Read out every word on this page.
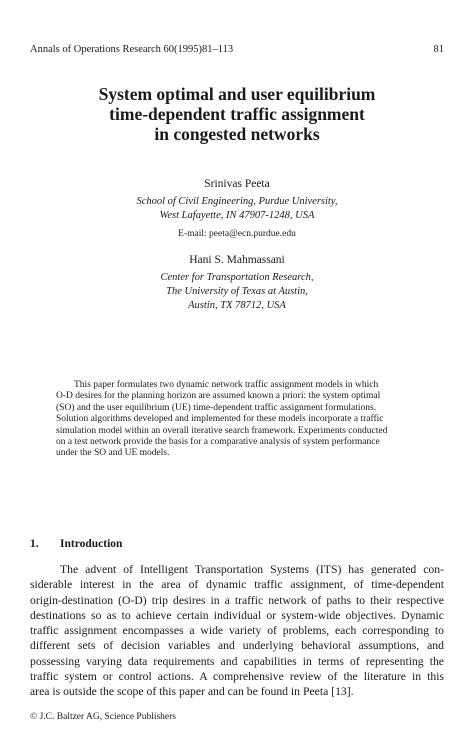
Annals of Operations Research 60(1995)81–113	81
System optimal and user equilibrium
time-dependent traffic assignment
in congested networks
Srinivas Peeta
School of Civil Engineering, Purdue University,
West Lafayette, IN 47907-1248, USA
E-mail: peeta@ecn.purdue.edu
Hani S. Mahmassani
Center for Transportation Research,
The University of Texas at Austin,
Austin, TX 78712, USA
This paper formulates two dynamic network traffic assignment models in which
O-D desires for the planning horizon are assumed known a priori: the system optimal
(SO) and the user equilibrium (UE) time-dependent traffic assignment formulations.
Solution algorithms developed and implemented for these models incorporate a traffic
simulation model within an overall iterative search framework. Experiments conducted
on a test network provide the basis for a comparative analysis of system performance
under the SO and UE models.
1. Introduction
The advent of Intelligent Transportation Systems (ITS) has generated con-
siderable interest in the area of dynamic traffic assignment, of time-dependent
origin-destination (O-D) trip desires in a traffic network of paths to their respective
destinations so as to achieve certain individual or system-wide objectives. Dynamic
traffic assignment encompasses a wide variety of problems, each corresponding to
different sets of decision variables and underlying behavioral assumptions, and
possessing varying data requirements and capabilities in terms of representing the
traffic system or control actions. A comprehensive review of the literature in this
area is outside the scope of this paper and can be found in Peeta [13].
© J.C. Baltzer AG, Science Publishers
